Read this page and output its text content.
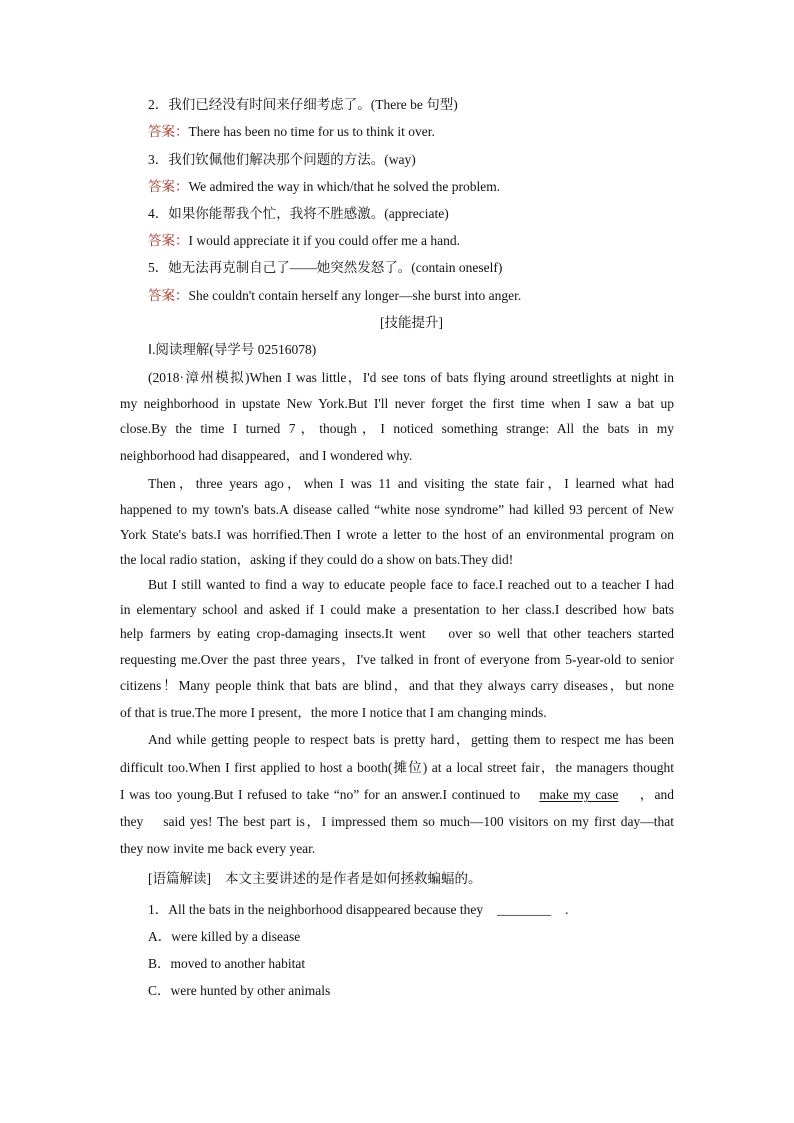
2．我们已经没有时间来仔细考虑了。(There be 句型)
答案：There has been no time for us to think it over.
3．我们钦佩他们解决那个问题的方法。(way)
答案：We admired the way in which/that he solved the problem.
4．如果你能帮我个忙，我将不胜感激。(appreciate)
答案：I would appreciate it if you could offer me a hand.
5．她无法再克制自己了——她突然发怒了。(contain oneself)
答案：She couldn't contain herself any longer—she burst into anger.
[技能提升]
Ⅰ.阅读理解(导学号 02516078)
(2018·漳州模拟)When I was little，I'd see tons of bats flying around streetlights at night in
my neighborhood in upstate New York.But I'll never forget the first time when I saw a bat up
close.By the time I turned 7，though，I noticed something strange: All the bats in my
neighborhood had disappeared，and I wondered why.
Then，three years ago，when I was 11 and visiting the state fair，I learned what had
happened to my town's bats.A disease called “white nose syndrome” had killed 93 percent of New
York State's bats.I was horrified.Then I wrote a letter to the host of an environmental program on
the local radio station，asking if they could do a show on bats.They did!
But I still wanted to find a way to educate people face to face.I reached out to a teacher I had
in elementary school and asked if I could make a presentation to her class.I described how bats
help farmers by eating crop-damaging insects.It went over so well that other teachers started
requesting me.Over the past three years，I've talked in front of everyone from 5-year-old to senior
citizens！Many people think that bats are blind，and that they always carry diseases，but none
of that is true.The more I present，the more I notice that I am changing minds.
And while getting people to respect bats is pretty hard，getting them to respect me has been
difficult too.When I first applied to host a booth(摊位) at a local street fair，the managers thought
I was too young.But I refused to take “no” for an answer.I continued to make my case ，and
they said yes! The best part is，I impressed them so much—100 visitors on my first day—that
they now invite me back every year.
[语篇解读] 本文主要讲述的是作者是如何拯救蝙蝠的。
1．All the bats in the neighborhood disappeared because they ________ .
A．were killed by a disease
B．moved to another habitat
C．were hunted by other animals
